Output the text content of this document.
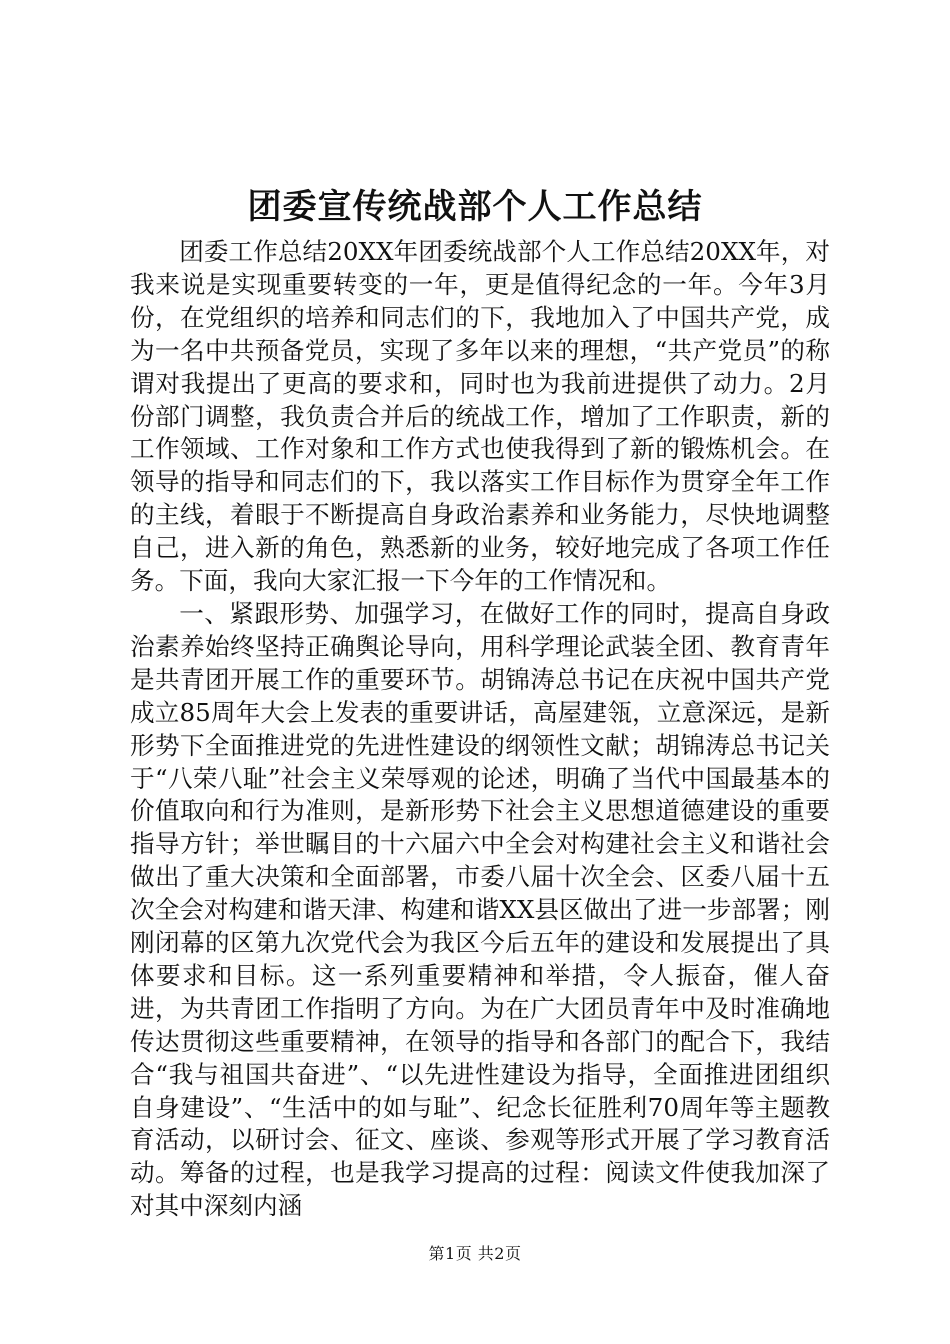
团委宣传统战部个人工作总结

团委工作总结20XX年团委统战部个人工作总结20XX年，对我来说是实现重要转变的一年，更是值得纪念的一年。今年3月份，在党组织的培养和同志们的下，我地加入了中国共产党，成为一名中共预备党员，实现了多年以来的理想，“共产党员”的称谓对我提出了更高的要求和，同时也为我前进提供了动力。2月份部门调整，我负责合并后的统战工作，增加了工作职责，新的工作领域、工作对象和工作方式也使我得到了新的锻炼机会。在领导的指导和同志们的下，我以落实工作目标作为贯穿全年工作的主线，着眼于不断提高自身政治素养和业务能力，尽快地调整自己，进入新的角色，熟悉新的业务，较好地完成了各项工作任务。下面，我向大家汇报一下今年的工作情况和。

一、紧跟形势、加强学习，在做好工作的同时，提高自身政治素养始终坚持正确舆论导向，用科学理论武装全团、教育青年是共青团开展工作的重要环节。胡锦涛总书记在庆祝中国共产党成立85周年大会上发表的重要讲话，高屋建瓴，立意深远，是新形势下全面推进党的先进性建设的纲领性文献；胡锦涛总书记关于“八荣八耻”社会主义荣辱观的论述，明确了当代中国最基本的价值取向和行为准则，是新形势下社会主义思想道德建设的重要指导方针；举世瞩目的十六届六中全会对构建社会主义和谐社会做出了重大决策和全面部署，市委八届十次全会、区委八届十五次全会对构建和谐天津、构建和谐XX县区做出了进一步部署；刚刚闭幕的区第九次党代会为我区今后五年的建设和发展提出了具体要求和目标。这一系列重要精神和举措，令人振奋，催人奋进，为共青团工作指明了方向。为在广大团员青年中及时准确地传达贯彻这些重要精神，在领导的指导和各部门的配合下，我结合“我与祖国共奋进”、“以先进性建设为指导，全面推进团组织自身建设”、“生活中的如与耻”、纪念长征胜利70周年等主题教育活动，以研讨会、征文、座谈、参观等形式开展了学习教育活动。筹备的过程，也是我学习提高的过程：阅读文件使我加深了对其中深刻内涵

第1页 共2页
